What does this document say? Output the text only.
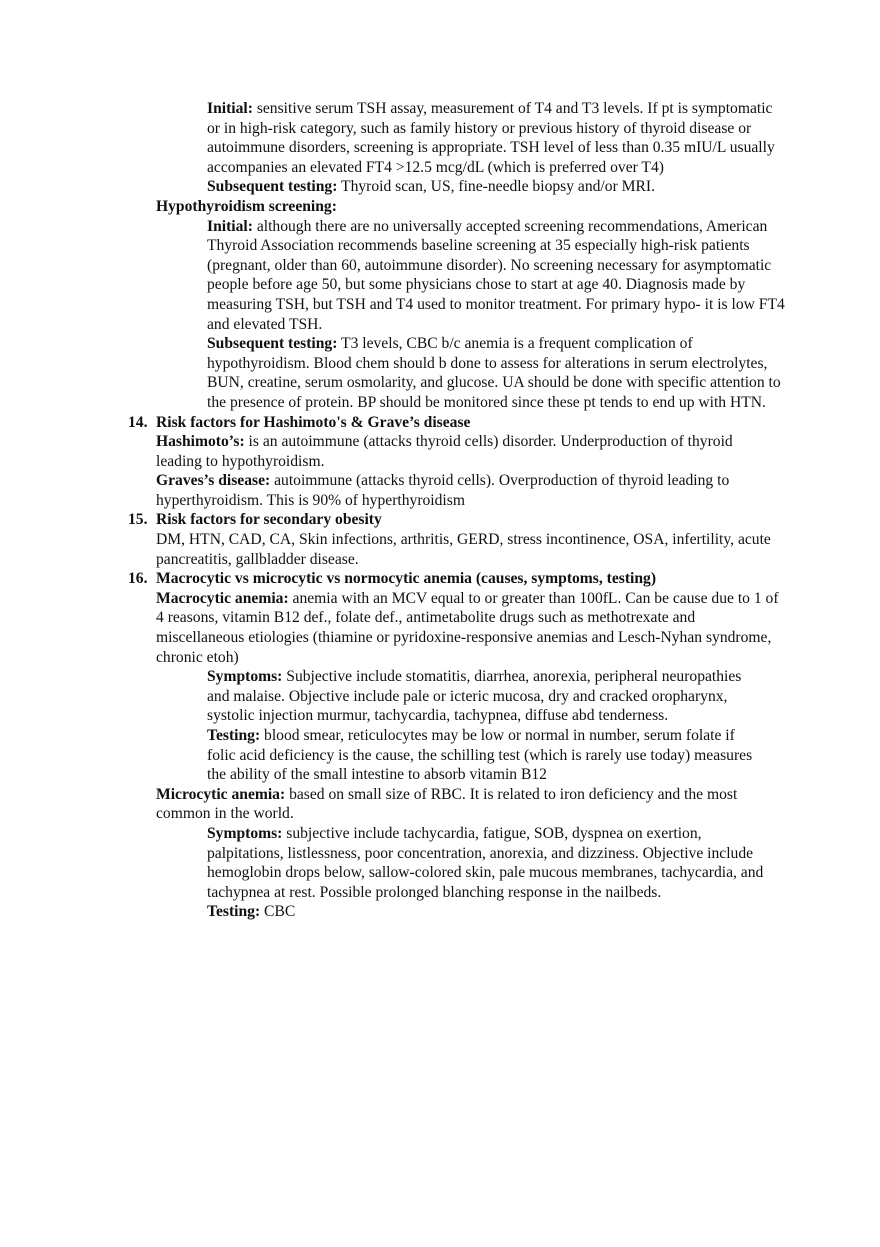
Initial: sensitive serum TSH assay, measurement of T4 and T3 levels. If pt is symptomatic or in high-risk category, such as family history or previous history of thyroid disease or autoimmune disorders, screening is appropriate. TSH level of less than 0.35 mIU/L usually accompanies an elevated FT4 >12.5 mcg/dL (which is preferred over T4)

Subsequent testing: Thyroid scan, US, fine-needle biopsy and/or MRI.

Hypothyroidism screening:

Initial: although there are no universally accepted screening recommendations, American Thyroid Association recommends baseline screening at 35 especially high-risk patients (pregnant, older than 60, autoimmune disorder). No screening necessary for asymptomatic people before age 50, but some physicians chose to start at age 40. Diagnosis made by measuring TSH, but TSH and T4 used to monitor treatment. For primary hypo- it is low FT4 and elevated TSH.

Subsequent testing: T3 levels, CBC b/c anemia is a frequent complication of hypothyroidism. Blood chem should b done to assess for alterations in serum electrolytes, BUN, creatine, serum osmolarity, and glucose. UA should be done with specific attention to the presence of protein. BP should be monitored since these pt tends to end up with HTN.

14. Risk factors for Hashimoto's & Grave’s disease

Hashimoto’s: is an autoimmune (attacks thyroid cells) disorder. Underproduction of thyroid leading to hypothyroidism.

Graves’s disease: autoimmune (attacks thyroid cells). Overproduction of thyroid leading to hyperthyroidism. This is 90% of hyperthyroidism

15. Risk factors for secondary obesity

DM, HTN, CAD, CA, Skin infections, arthritis, GERD, stress incontinence, OSA, infertility, acute pancreatitis, gallbladder disease.

16. Macrocytic vs microcytic vs normocytic anemia (causes, symptoms, testing)

Macrocytic anemia: anemia with an MCV equal to or greater than 100fL. Can be cause due to 1 of 4 reasons, vitamin B12 def., folate def., antimetabolite drugs such as methotrexate and miscellaneous etiologies (thiamine or pyridoxine-responsive anemias and Lesch-Nyhan syndrome, chronic etoh)

Symptoms: Subjective include stomatitis, diarrhea, anorexia, peripheral neuropathies and malaise. Objective include pale or icteric mucosa, dry and cracked oropharynx, systolic injection murmur, tachycardia, tachypnea, diffuse abd tenderness.

Testing: blood smear, reticulocytes may be low or normal in number, serum folate if folic acid deficiency is the cause, the schilling test (which is rarely use today) measures the ability of the small intestine to absorb vitamin B12

Microcytic anemia: based on small size of RBC. It is related to iron deficiency and the most common in the world.

Symptoms: subjective include tachycardia, fatigue, SOB, dyspnea on exertion, palpitations, listlessness, poor concentration, anorexia, and dizziness. Objective include hemoglobin drops below, sallow-colored skin, pale mucous membranes, tachycardia, and tachypnea at rest. Possible prolonged blanching response in the nailbeds.

Testing: CBC
